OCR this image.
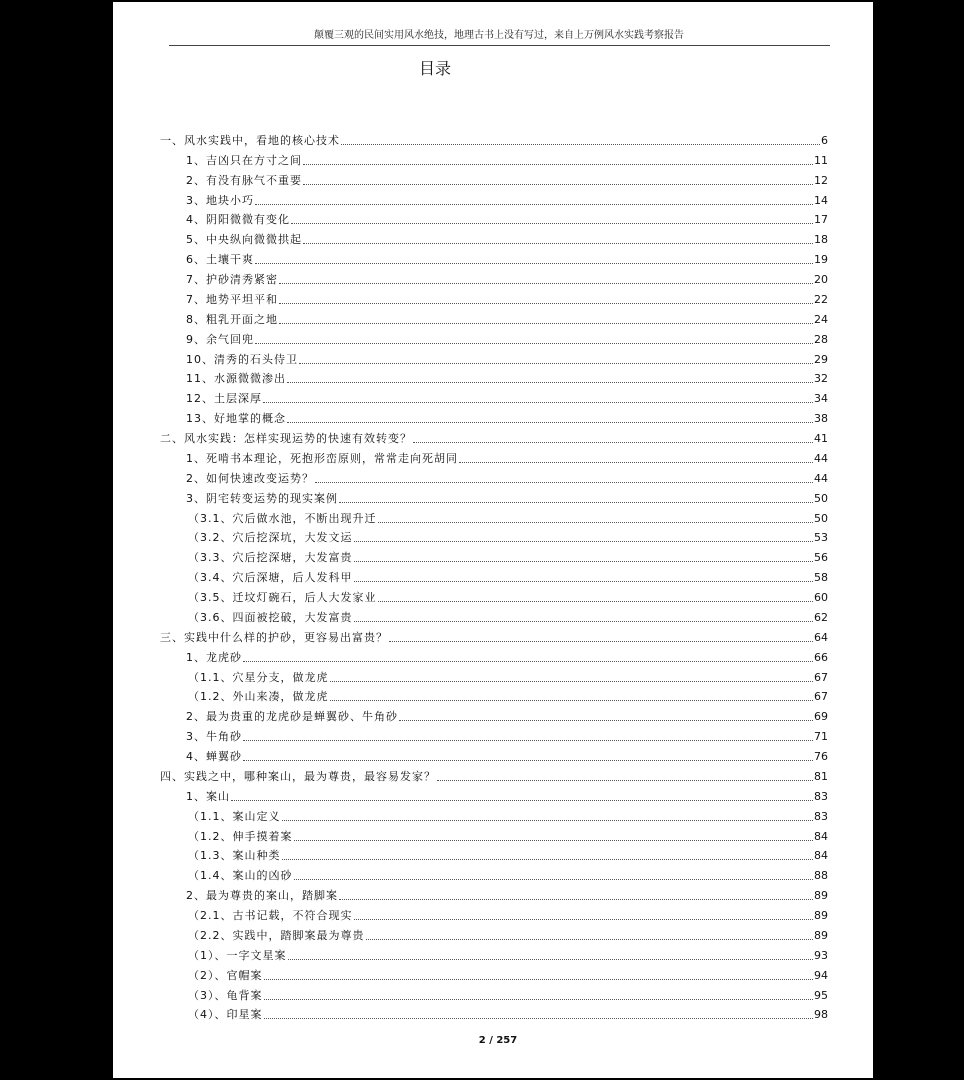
颠覆三观的民间实用风水绝技，地理古书上没有写过，来自上万例风水实践考察报告
目录
一、风水实践中，看地的核心技术	6
1、吉凶只在方寸之间	11
2、有没有脉气不重要	12
3、地块小巧	14
4、阴阳微微有变化	17
5、中央纵向微微拱起	18
6、土壤干爽	19
7、护砂清秀紧密	20
7、地势平坦平和	22
8、粗乳开面之地	24
9、余气回兜	28
10、清秀的石头侍卫	29
11、水源微微渗出	32
12、土层深厚	34
13、好地掌的概念	38
二、风水实践：怎样实现运势的快速有效转变？	41
1、死啃书本理论，死抱形峦原则，常常走向死胡同	44
2、如何快速改变运势？	44
3、阴宅转变运势的现实案例	50
（3.1、穴后做水池，不断出现升迁	50
（3.2、穴后挖深坑，大发文运	53
（3.3、穴后挖深塘，大发富贵	56
（3.4、穴后深塘，后人发科甲	58
（3.5、迁坟灯碗石，后人大发家业	60
（3.6、四面被挖破，大发富贵	62
三、实践中什么样的护砂，更容易出富贵？	64
1、龙虎砂	66
（1.1、穴星分支，做龙虎	67
（1.2、外山来凑，做龙虎	67
2、最为贵重的龙虎砂是蝉翼砂、牛角砂	69
3、牛角砂	71
4、蝉翼砂	76
四、实践之中，哪种案山，最为尊贵，最容易发家？	81
1、案山	83
（1.1、案山定义	83
（1.2、伸手摸着案	84
（1.3、案山种类	84
（1.4、案山的凶砂	88
2、最为尊贵的案山，踏脚案	89
（2.1、古书记载，不符合现实	89
（2.2、实践中，踏脚案最为尊贵	89
（1）、一字文星案	93
（2）、官帽案	94
（3）、龟背案	95
（4）、印星案	98
2 / 257
